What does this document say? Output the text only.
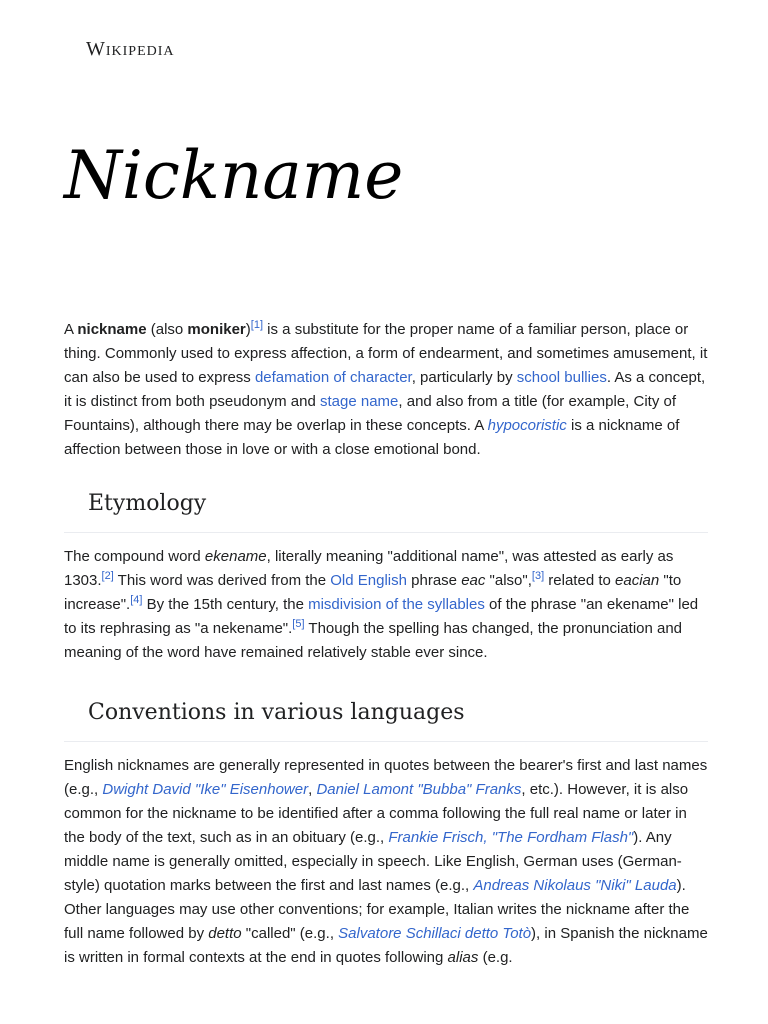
Wikipedia
Nickname

A nickname (also moniker)[1] is a substitute for the proper name of a familiar person, place or thing. Commonly used to express affection, a form of endearment, and sometimes amusement, it can also be used to express defamation of character, particularly by school bullies. As a concept, it is distinct from both pseudonym and stage name, and also from a title (for example, City of Fountains), although there may be overlap in these concepts. A hypocoristic is a nickname of affection between those in love or with a close emotional bond.

Etymology

The compound word ekename, literally meaning "additional name", was attested as early as 1303.[2] This word was derived from the Old English phrase eac "also",[3] related to eacian "to increase".[4] By the 15th century, the misdivision of the syllables of the phrase "an ekename" led to its rephrasing as "a nekename".[5] Though the spelling has changed, the pronunciation and meaning of the word have remained relatively stable ever since.

Conventions in various languages

English nicknames are generally represented in quotes between the bearer's first and last names (e.g., Dwight David "Ike" Eisenhower, Daniel Lamont "Bubba" Franks, etc.). However, it is also common for the nickname to be identified after a comma following the full real name or later in the body of the text, such as in an obituary (e.g., Frankie Frisch, "The Fordham Flash"). Any middle name is generally omitted, especially in speech. Like English, German uses (German-style) quotation marks between the first and last names (e.g., Andreas Nikolaus "Niki" Lauda). Other languages may use other conventions; for example, Italian writes the nickname after the full name followed by detto "called" (e.g., Salvatore Schillaci detto Totò), in Spanish the nickname is written in formal contexts at the end in quotes following alias (e.g.
